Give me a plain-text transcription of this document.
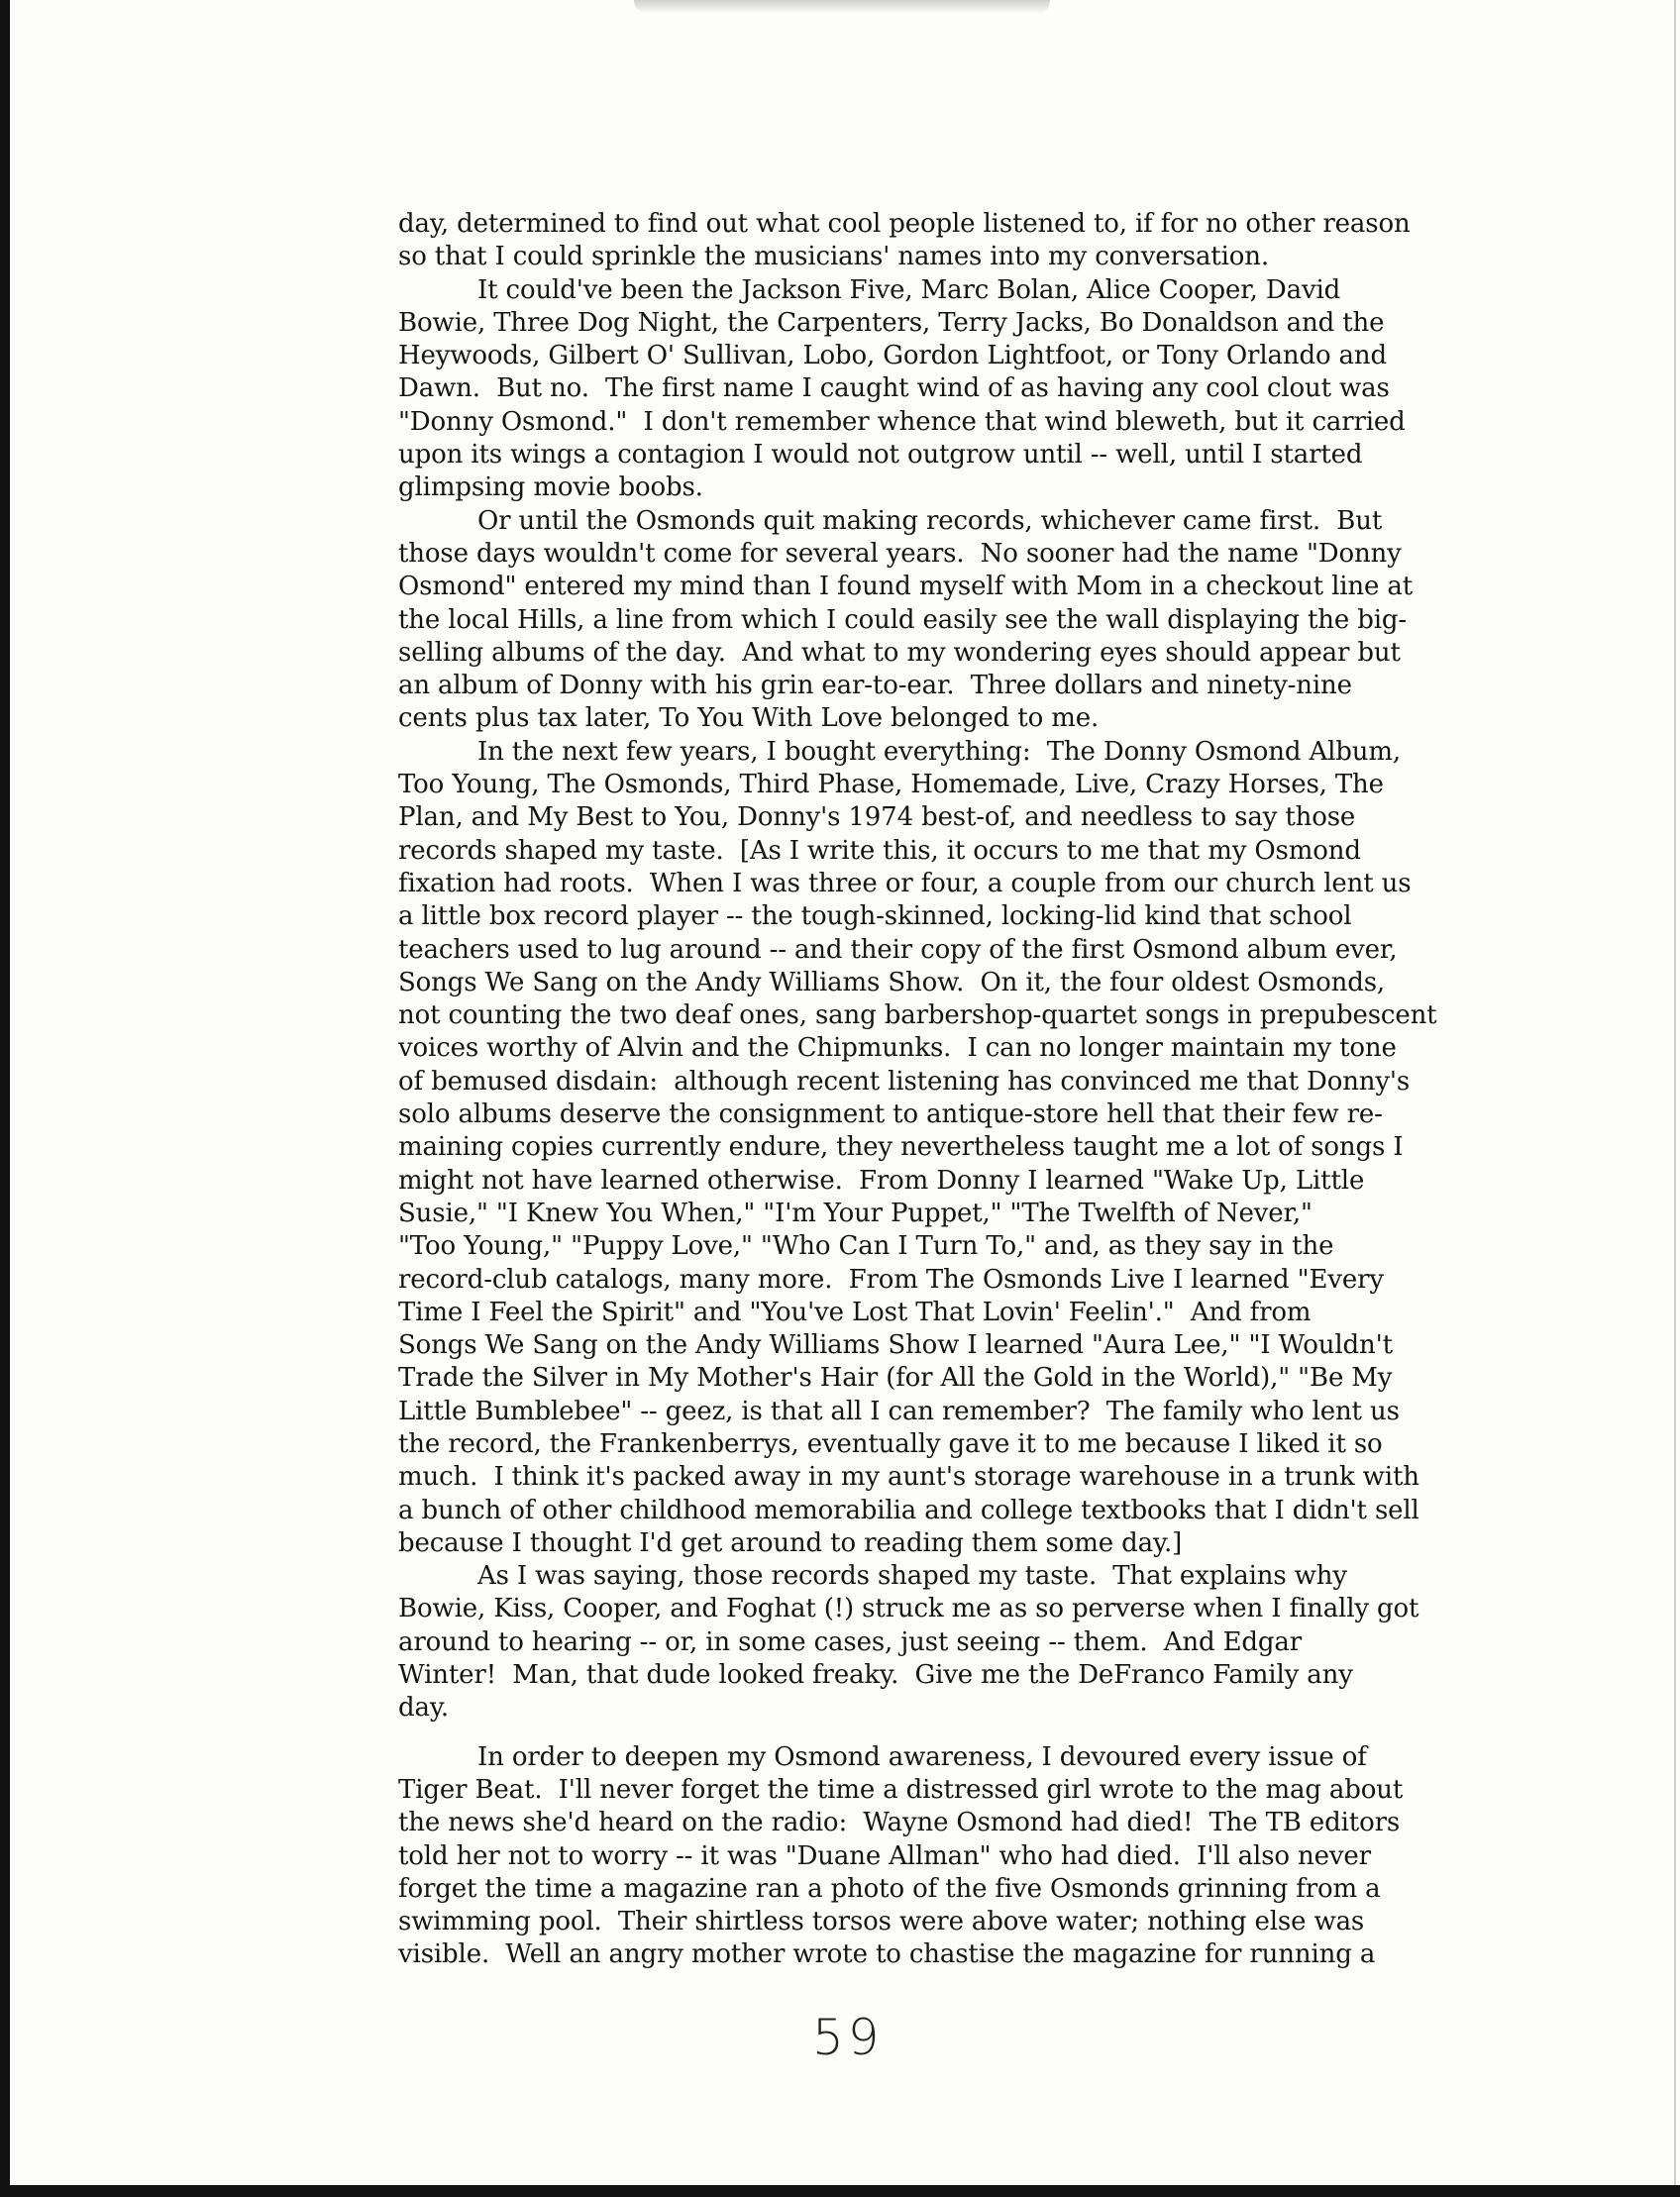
day, determined to find out what cool people listened to, if for no other reason
so that I could sprinkle the musicians' names into my conversation.
It could've been the Jackson Five, Marc Bolan, Alice Cooper, David
Bowie, Three Dog Night, the Carpenters, Terry Jacks, Bo Donaldson and the
Heywoods, Gilbert O' Sullivan, Lobo, Gordon Lightfoot, or Tony Orlando and
Dawn.  But no.  The first name I caught wind of as having any cool clout was
"Donny Osmond."  I don't remember whence that wind bleweth, but it carried
upon its wings a contagion I would not outgrow until -- well, until I started
glimpsing movie boobs.
Or until the Osmonds quit making records, whichever came first.  But
those days wouldn't come for several years.  No sooner had the name "Donny
Osmond" entered my mind than I found myself with Mom in a checkout line at
the local Hills, a line from which I could easily see the wall displaying the big-
selling albums of the day.  And what to my wondering eyes should appear but
an album of Donny with his grin ear-to-ear.  Three dollars and ninety-nine
cents plus tax later, To You With Love belonged to me.
In the next few years, I bought everything:  The Donny Osmond Album,
Too Young, The Osmonds, Third Phase, Homemade, Live, Crazy Horses, The
Plan, and My Best to You, Donny's 1974 best-of, and needless to say those
records shaped my taste.  [As I write this, it occurs to me that my Osmond
fixation had roots.  When I was three or four, a couple from our church lent us
a little box record player -- the tough-skinned, locking-lid kind that school
teachers used to lug around -- and their copy of the first Osmond album ever,
Songs We Sang on the Andy Williams Show.  On it, the four oldest Osmonds,
not counting the two deaf ones, sang barbershop-quartet songs in prepubescent
voices worthy of Alvin and the Chipmunks.  I can no longer maintain my tone
of bemused disdain:  although recent listening has convinced me that Donny's
solo albums deserve the consignment to antique-store hell that their few re-
maining copies currently endure, they nevertheless taught me a lot of songs I
might not have learned otherwise.  From Donny I learned "Wake Up, Little
Susie," "I Knew You When," "I'm Your Puppet," "The Twelfth of Never,"
"Too Young," "Puppy Love," "Who Can I Turn To," and, as they say in the
record-club catalogs, many more.  From The Osmonds Live I learned "Every
Time I Feel the Spirit" and "You've Lost That Lovin' Feelin'."  And from
Songs We Sang on the Andy Williams Show I learned "Aura Lee," "I Wouldn't
Trade the Silver in My Mother's Hair (for All the Gold in the World)," "Be My
Little Bumblebee" -- geez, is that all I can remember?  The family who lent us
the record, the Frankenberrys, eventually gave it to me because I liked it so
much.  I think it's packed away in my aunt's storage warehouse in a trunk with
a bunch of other childhood memorabilia and college textbooks that I didn't sell
because I thought I'd get around to reading them some day.]
As I was saying, those records shaped my taste.  That explains why
Bowie, Kiss, Cooper, and Foghat (!) struck me as so perverse when I finally got
around to hearing -- or, in some cases, just seeing -- them.  And Edgar
Winter!  Man, that dude looked freaky.  Give me the DeFranco Family any
day.
In order to deepen my Osmond awareness, I devoured every issue of
Tiger Beat.  I'll never forget the time a distressed girl wrote to the mag about
the news she'd heard on the radio:  Wayne Osmond had died!  The TB editors
told her not to worry -- it was "Duane Allman" who had died.  I'll also never
forget the time a magazine ran a photo of the five Osmonds grinning from a
swimming pool.  Their shirtless torsos were above water; nothing else was
visible.  Well an angry mother wrote to chastise the magazine for running a
59
